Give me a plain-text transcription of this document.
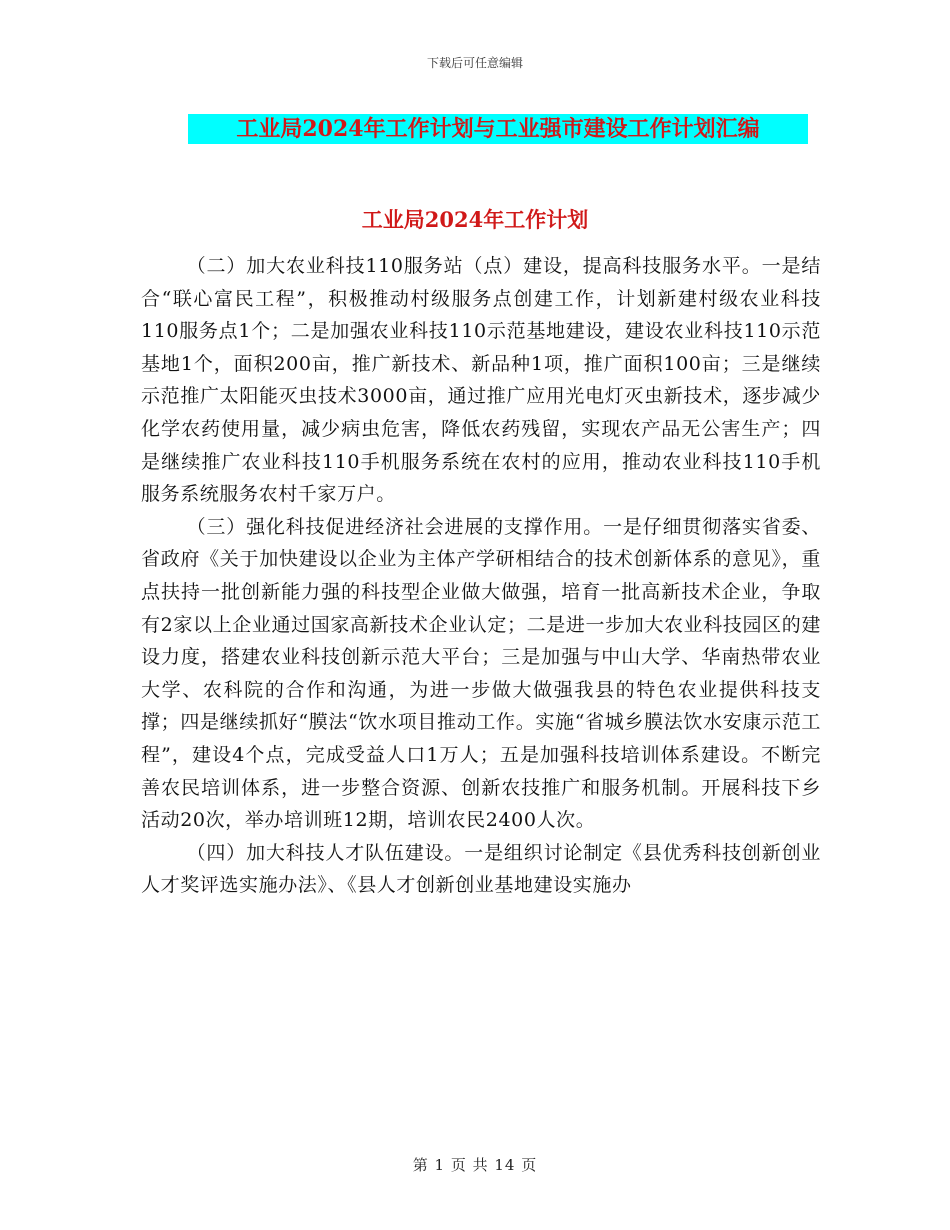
下载后可任意编辑
工业局2024年工作计划与工业强市建设工作计划汇编
工业局2024年工作计划

（二）加大农业科技110服务站（点）建设，提高科技服务水平。一是结合“联心富民工程”，积极推动村级服务点创建工作，计划新建村级农业科技110服务点1个；二是加强农业科技110示范基地建设，建设农业科技110示范基地1个，面积200亩，推广新技术、新品种1项，推广面积100亩；三是继续示范推广太阳能灭虫技术3000亩，通过推广应用光电灯灭虫新技术，逐步减少化学农药使用量，减少病虫危害，降低农药残留，实现农产品无公害生产；四是继续推广农业科技110手机服务系统在农村的应用，推动农业科技110手机服务系统服务农村千家万户。

（三）强化科技促进经济社会进展的支撑作用。一是仔细贯彻落实省委、省政府《关于加快建设以企业为主体产学研相结合的技术创新体系的意见》，重点扶持一批创新能力强的科技型企业做大做强，培育一批高新技术企业，争取有2家以上企业通过国家高新技术企业认定；二是进一步加大农业科技园区的建设力度，搭建农业科技创新示范大平台；三是加强与中山大学、华南热带农业大学、农科院的合作和沟通，为进一步做大做强我县的特色农业提供科技支撑；四是继续抓好“膜法“饮水项目推动工作。实施“省城乡膜法饮水安康示范工程”，建设4个点，完成受益人口1万人；五是加强科技培训体系建设。不断完善农民培训体系，进一步整合资源、创新农技推广和服务机制。开展科技下乡活动20次，举办培训班12期，培训农民2400人次。

（四）加大科技人才队伍建设。一是组织讨论制定《县优秀科技创新创业人才奖评选实施办法》、《县人才创新创业基地建设实施办

第 1 页 共 14 页
